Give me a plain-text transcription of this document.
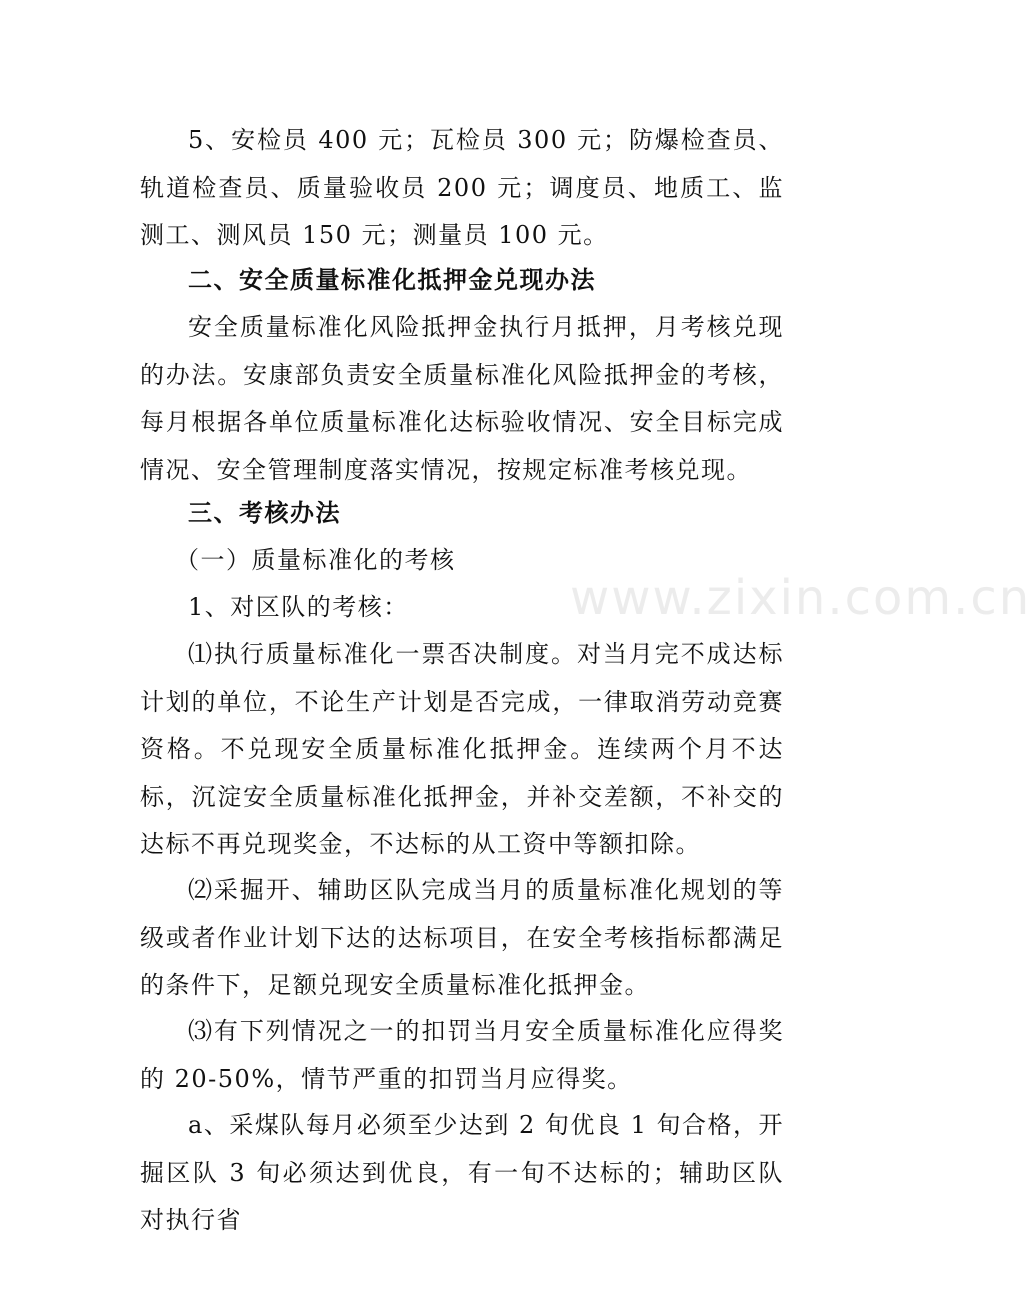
5、安检员 400 元；瓦检员 300 元；防爆检查员、轨道检查员、质量验收员 200 元；调度员、地质工、监测工、测风员 150 元；测量员 100 元。

二、安全质量标准化抵押金兑现办法

安全质量标准化风险抵押金执行月抵押，月考核兑现的办法。安康部负责安全质量标准化风险抵押金的考核，每月根据各单位质量标准化达标验收情况、安全目标完成情况、安全管理制度落实情况，按规定标准考核兑现。

三、考核办法

（一）质量标准化的考核

1、对区队的考核：

⑴执行质量标准化一票否决制度。对当月完不成达标计划的单位，不论生产计划是否完成，一律取消劳动竞赛资格。不兑现安全质量标准化抵押金。连续两个月不达标，沉淀安全质量标准化抵押金，并补交差额，不补交的达标不再兑现奖金，不达标的从工资中等额扣除。

⑵采掘开、辅助区队完成当月的质量标准化规划的等级或者作业计划下达的达标项目，在安全考核指标都满足的条件下，足额兑现安全质量标准化抵押金。

⑶有下列情况之一的扣罚当月安全质量标准化应得奖的 20-50%，情节严重的扣罚当月应得奖。

a、采煤队每月必须至少达到 2 旬优良 1 旬合格，开掘区队 3 旬必须达到优良，有一旬不达标的；辅助区队对执行省

www.zixin.com.cn
